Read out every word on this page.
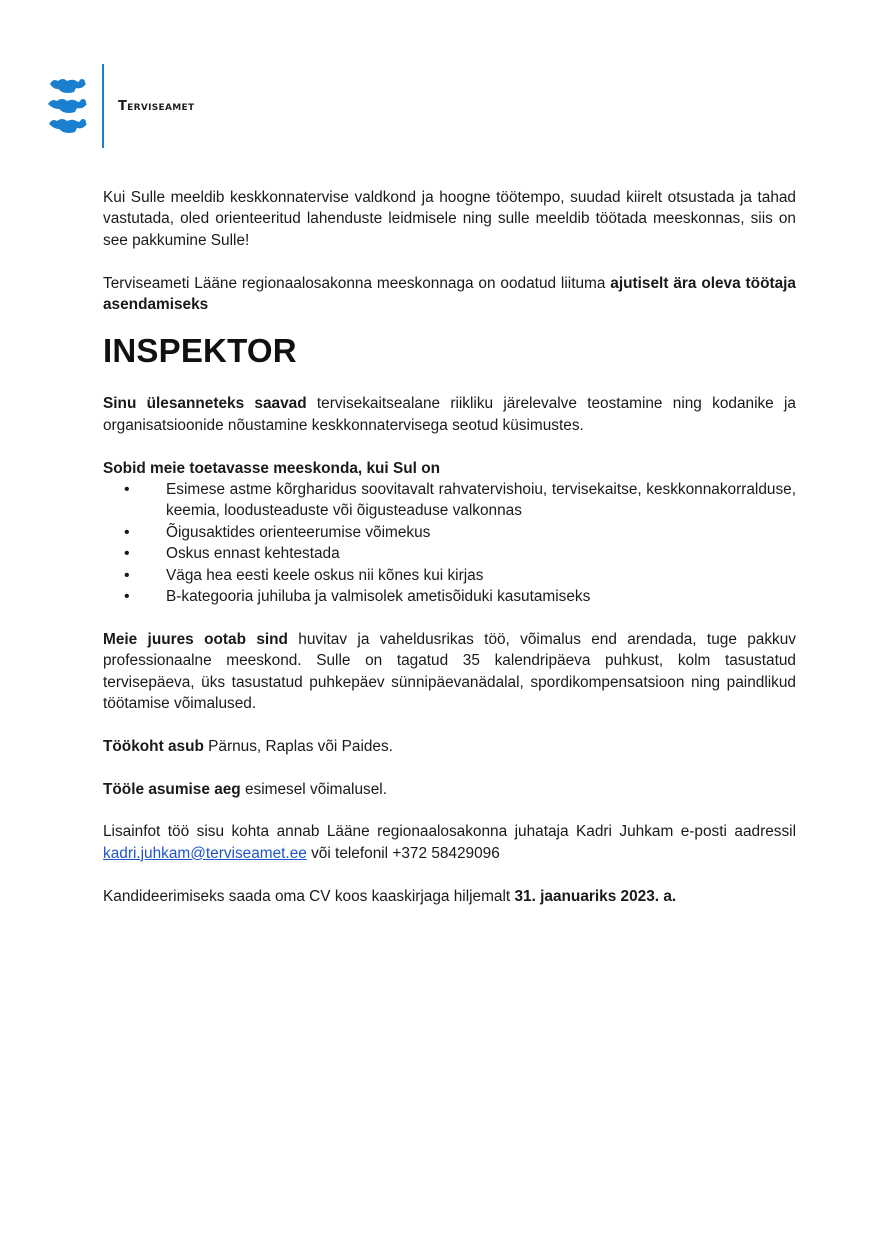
Terviseamet

Kui Sulle meeldib keskkonnatervise valdkond ja hoogne töötempo, suudad kiirelt otsustada ja tahad vastutada, oled orienteeritud lahenduste leidmisele ning sulle meeldib töötada meeskonnas, siis on see pakkumine Sulle!

Terviseameti Lääne regionaalosakonna meeskonnaga on oodatud liituma ajutiselt ära oleva töötaja asendamiseks

INSPEKTOR

Sinu ülesanneteks saavad tervisekaitsealane riikliku järelevalve teostamine ning kodanike ja organisatsioonide nõustamine keskkonnatervisega seotud küsimustes.

Sobid meie toetavasse meeskonda, kui Sul on

• Esimese astme kõrgharidus soovitavalt rahvatervishoiu, tervisekaitse, keskkonnakorralduse, keemia, loodusteaduste või õigusteaduse valkonnas
• Õigusaktides orienteerumise võimekus
• Oskus ennast kehtestada
• Väga hea eesti keele oskus nii kõnes kui kirjas
• B-kategooria juhiluba ja valmisolek ametisõiduki kasutamiseks

Meie juures ootab sind huvitav ja vaheldusrikas töö, võimalus end arendada, tuge pakkuv professionaalne meeskond. Sulle on tagatud 35 kalendripäeva puhkust, kolm tasustatud tervisepäeva, üks tasustatud puhkepäev sünnipäevanädalal, spordikompensatsioon ning paindlikud töötamise võimalused.

Töökoht asub Pärnus, Raplas või Paides.

Tööle asumise aeg esimesel võimalusel.

Lisainfot töö sisu kohta annab Lääne regionaalosakonna juhataja Kadri Juhkam e-posti aadressil kadri.juhkam@terviseamet.ee või telefonil +372 58429096

Kandideerimiseks saada oma CV koos kaaskirjaga hiljemalt 31. jaanuariks 2023. a.
